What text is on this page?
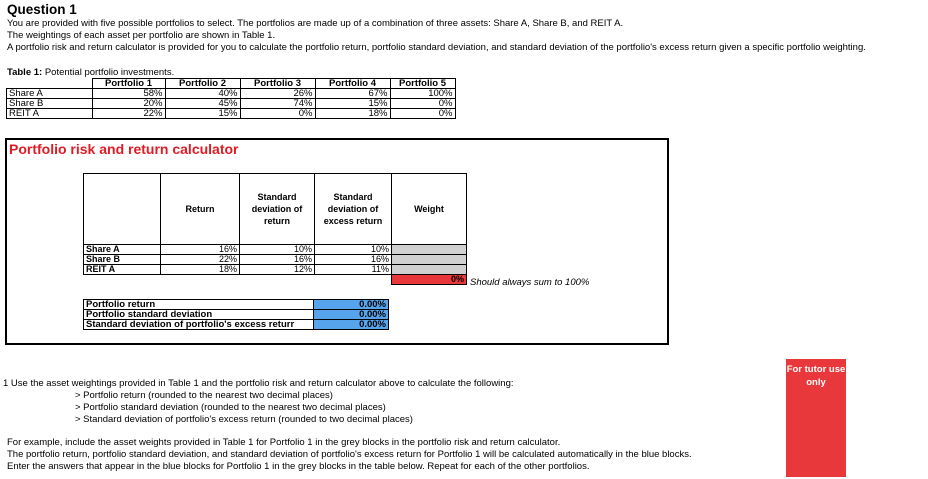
Question 1
You are provided with five possible portfolios to select. The portfolios are made up of a combination of three assets: Share A, Share B, and REIT A.
The weightings of each asset per portfolio are shown in Table 1.
A portfolio risk and return calculator is provided for you to calculate the portfolio return, portfolio standard deviation, and standard deviation of the portfolio's excess return given a specific portfolio weighting.
Table 1: Potential portfolio investments.
	Portfolio 1	Portfolio 2	Portfolio 3	Portfolio 4	Portfolio 5
Share A	58%	40%	26%	67%	100%
Share B	20%	45%	74%	15%	0%
REIT A	22%	15%	0%	18%	0%
Portfolio risk and return calculator
	Return	Standard deviation of return	Standard deviation of excess return	Weight
Share A	16%	10%	10%	
Share B	22%	16%	16%	
REIT A	18%	12%	11%	
				0% Should always sum to 100%
Portfolio return	0.00%
Portfolio standard deviation	0.00%
Standard deviation of portfolio's excess returr	0.00%
For tutor use only
1 Use the asset weightings provided in Table 1 and the portfolio risk and return calculator above to calculate the following:
> Portfolio return (rounded to the nearest two decimal places)
> Portfolio standard deviation (rounded to the nearest two decimal places)
> Standard deviation of portfolio's excess return (rounded to two decimal places)
For example, include the asset weights provided in Table 1 for Portfolio 1 in the grey blocks in the portfolio risk and return calculator.
The portfolio return, portfolio standard deviation, and standard deviation of portfolio's excess return for Portfolio 1 will be calculated automatically in the blue blocks.
Enter the answers that appear in the blue blocks for Portfolio 1 in the grey blocks in the table below. Repeat for each of the other portfolios.
